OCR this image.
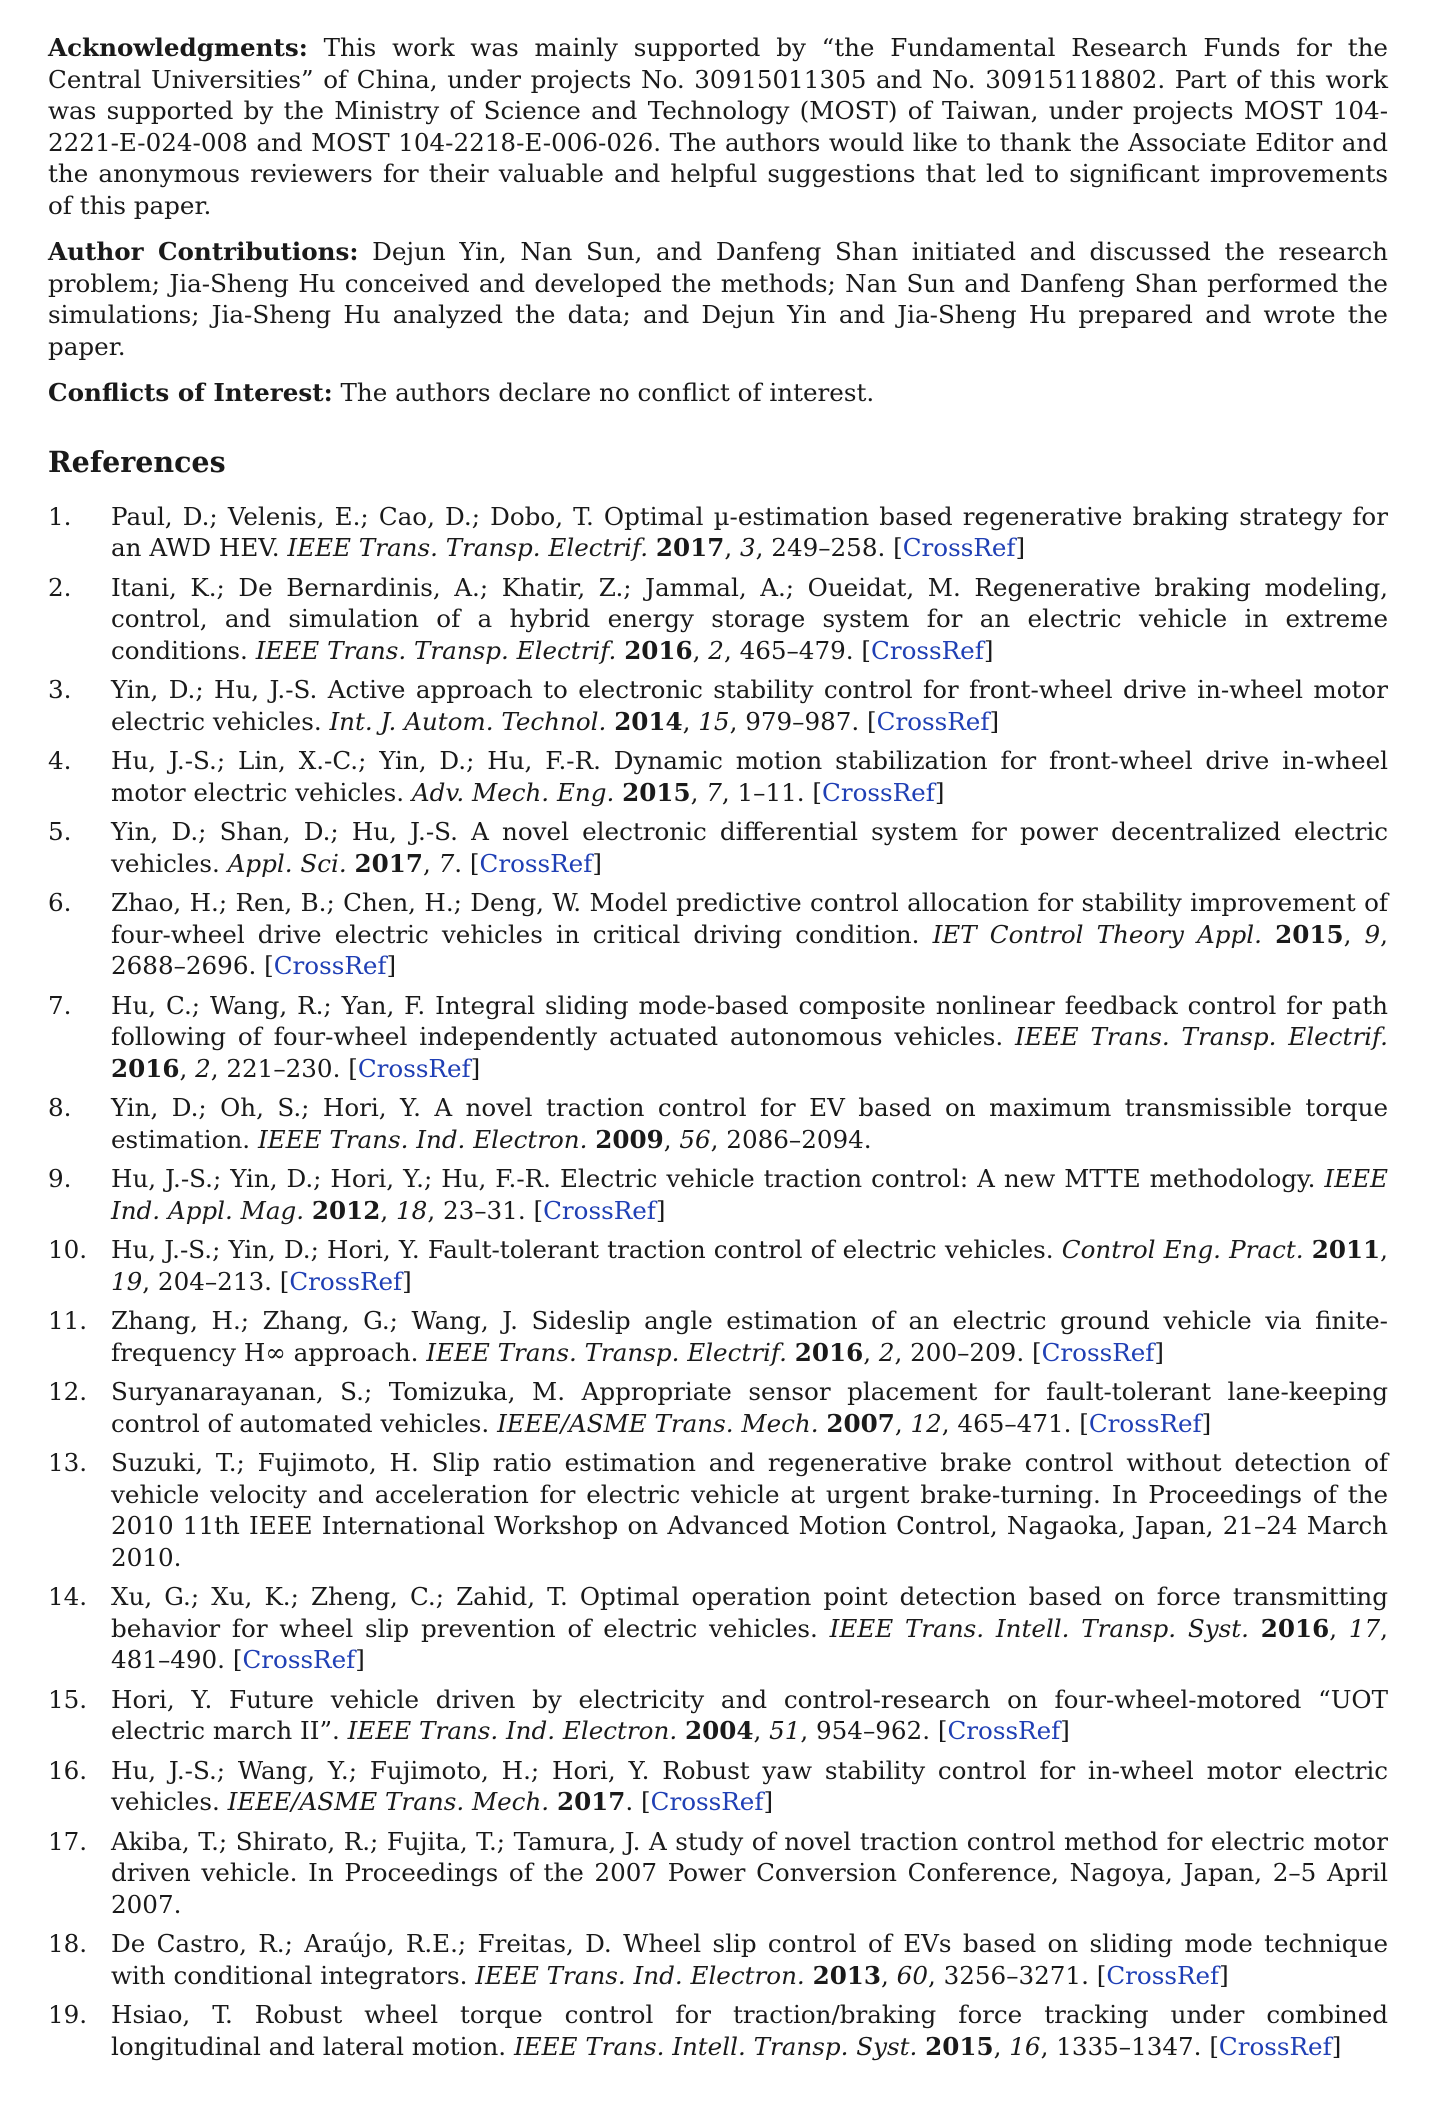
Acknowledgments: This work was mainly supported by “the Fundamental Research Funds for the Central Universities” of China, under projects No. 30915011305 and No. 30915118802. Part of this work was supported by the Ministry of Science and Technology (MOST) of Taiwan, under projects MOST 104-2221-E-024-008 and MOST 104-2218-E-006-026. The authors would like to thank the Associate Editor and the anonymous reviewers for their valuable and helpful suggestions that led to significant improvements of this paper.

Author Contributions: Dejun Yin, Nan Sun, and Danfeng Shan initiated and discussed the research problem; Jia-Sheng Hu conceived and developed the methods; Nan Sun and Danfeng Shan performed the simulations; Jia-Sheng Hu analyzed the data; and Dejun Yin and Jia-Sheng Hu prepared and wrote the paper.

Conflicts of Interest: The authors declare no conflict of interest.

References
1. Paul, D.; Velenis, E.; Cao, D.; Dobo, T. Optimal µ-estimation based regenerative braking strategy for an AWD HEV. IEEE Trans. Transp. Electrif. 2017, 3, 249–258. [CrossRef]
2. Itani, K.; De Bernardinis, A.; Khatir, Z.; Jammal, A.; Oueidat, M. Regenerative braking modeling, control, and simulation of a hybrid energy storage system for an electric vehicle in extreme conditions. IEEE Trans. Transp. Electrif. 2016, 2, 465–479. [CrossRef]
3. Yin, D.; Hu, J.-S. Active approach to electronic stability control for front-wheel drive in-wheel motor electric vehicles. Int. J. Autom. Technol. 2014, 15, 979–987. [CrossRef]
4. Hu, J.-S.; Lin, X.-C.; Yin, D.; Hu, F.-R. Dynamic motion stabilization for front-wheel drive in-wheel motor electric vehicles. Adv. Mech. Eng. 2015, 7, 1–11. [CrossRef]
5. Yin, D.; Shan, D.; Hu, J.-S. A novel electronic differential system for power decentralized electric vehicles. Appl. Sci. 2017, 7. [CrossRef]
6. Zhao, H.; Ren, B.; Chen, H.; Deng, W. Model predictive control allocation for stability improvement of four-wheel drive electric vehicles in critical driving condition. IET Control Theory Appl. 2015, 9, 2688–2696. [CrossRef]
7. Hu, C.; Wang, R.; Yan, F. Integral sliding mode-based composite nonlinear feedback control for path following of four-wheel independently actuated autonomous vehicles. IEEE Trans. Transp. Electrif. 2016, 2, 221–230. [CrossRef]
8. Yin, D.; Oh, S.; Hori, Y. A novel traction control for EV based on maximum transmissible torque estimation. IEEE Trans. Ind. Electron. 2009, 56, 2086–2094.
9. Hu, J.-S.; Yin, D.; Hori, Y.; Hu, F.-R. Electric vehicle traction control: A new MTTE methodology. IEEE Ind. Appl. Mag. 2012, 18, 23–31. [CrossRef]
10. Hu, J.-S.; Yin, D.; Hori, Y. Fault-tolerant traction control of electric vehicles. Control Eng. Pract. 2011, 19, 204–213. [CrossRef]
11. Zhang, H.; Zhang, G.; Wang, J. Sideslip angle estimation of an electric ground vehicle via finite-frequency H∞ approach. IEEE Trans. Transp. Electrif. 2016, 2, 200–209. [CrossRef]
12. Suryanarayanan, S.; Tomizuka, M. Appropriate sensor placement for fault-tolerant lane-keeping control of automated vehicles. IEEE/ASME Trans. Mech. 2007, 12, 465–471. [CrossRef]
13. Suzuki, T.; Fujimoto, H. Slip ratio estimation and regenerative brake control without detection of vehicle velocity and acceleration for electric vehicle at urgent brake-turning. In Proceedings of the 2010 11th IEEE International Workshop on Advanced Motion Control, Nagaoka, Japan, 21–24 March 2010.
14. Xu, G.; Xu, K.; Zheng, C.; Zahid, T. Optimal operation point detection based on force transmitting behavior for wheel slip prevention of electric vehicles. IEEE Trans. Intell. Transp. Syst. 2016, 17, 481–490. [CrossRef]
15. Hori, Y. Future vehicle driven by electricity and control-research on four-wheel-motored “UOT electric march II”. IEEE Trans. Ind. Electron. 2004, 51, 954–962. [CrossRef]
16. Hu, J.-S.; Wang, Y.; Fujimoto, H.; Hori, Y. Robust yaw stability control for in-wheel motor electric vehicles. IEEE/ASME Trans. Mech. 2017. [CrossRef]
17. Akiba, T.; Shirato, R.; Fujita, T.; Tamura, J. A study of novel traction control method for electric motor driven vehicle. In Proceedings of the 2007 Power Conversion Conference, Nagoya, Japan, 2–5 April 2007.
18. De Castro, R.; Araújo, R.E.; Freitas, D. Wheel slip control of EVs based on sliding mode technique with conditional integrators. IEEE Trans. Ind. Electron. 2013, 60, 3256–3271. [CrossRef]
19. Hsiao, T. Robust wheel torque control for traction/braking force tracking under combined longitudinal and lateral motion. IEEE Trans. Intell. Transp. Syst. 2015, 16, 1335–1347. [CrossRef]
